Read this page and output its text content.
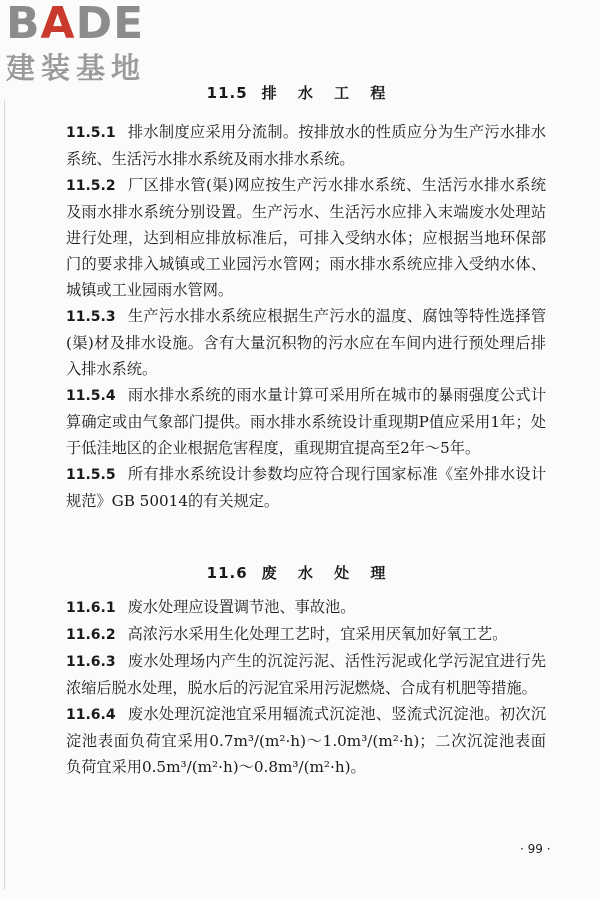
BADE
建装基地
11.5 排 水 工 程

11.5.1 排水制度应采用分流制。按排放水的性质应分为生产污水排水系统、生活污水排水系统及雨水排水系统。

11.5.2 厂区排水管(渠)网应按生产污水排水系统、生活污水排水系统及雨水排水系统分别设置。生产污水、生活污水应排入末端废水处理站进行处理，达到相应排放标准后，可排入受纳水体；应根据当地环保部门的要求排入城镇或工业园污水管网；雨水排水系统应排入受纳水体、城镇或工业园雨水管网。

11.5.3 生产污水排水系统应根据生产污水的温度、腐蚀等特性选择管(渠)材及排水设施。含有大量沉积物的污水应在车间内进行预处理后排入排水系统。

11.5.4 雨水排水系统的雨水量计算可采用所在城市的暴雨强度公式计算确定或由气象部门提供。雨水排水系统设计重现期P值应采用1年；处于低洼地区的企业根据危害程度，重现期宜提高至2年～5年。

11.5.5 所有排水系统设计参数均应符合现行国家标准《室外排水设计规范》GB 50014的有关规定。

11.6 废 水 处 理

11.6.1 废水处理应设置调节池、事故池。

11.6.2 高浓污水采用生化处理工艺时，宜采用厌氧加好氧工艺。

11.6.3 废水处理场内产生的沉淀污泥、活性污泥或化学污泥宜进行先浓缩后脱水处理，脱水后的污泥宜采用污泥燃烧、合成有机肥等措施。

11.6.4 废水处理沉淀池宜采用辐流式沉淀池、竖流式沉淀池。初次沉淀池表面负荷宜采用0.7m³/(m²·h)～1.0m³/(m²·h)；二次沉淀池表面负荷宜采用0.5m³/(m²·h)～0.8m³/(m²·h)。

· 99 ·
